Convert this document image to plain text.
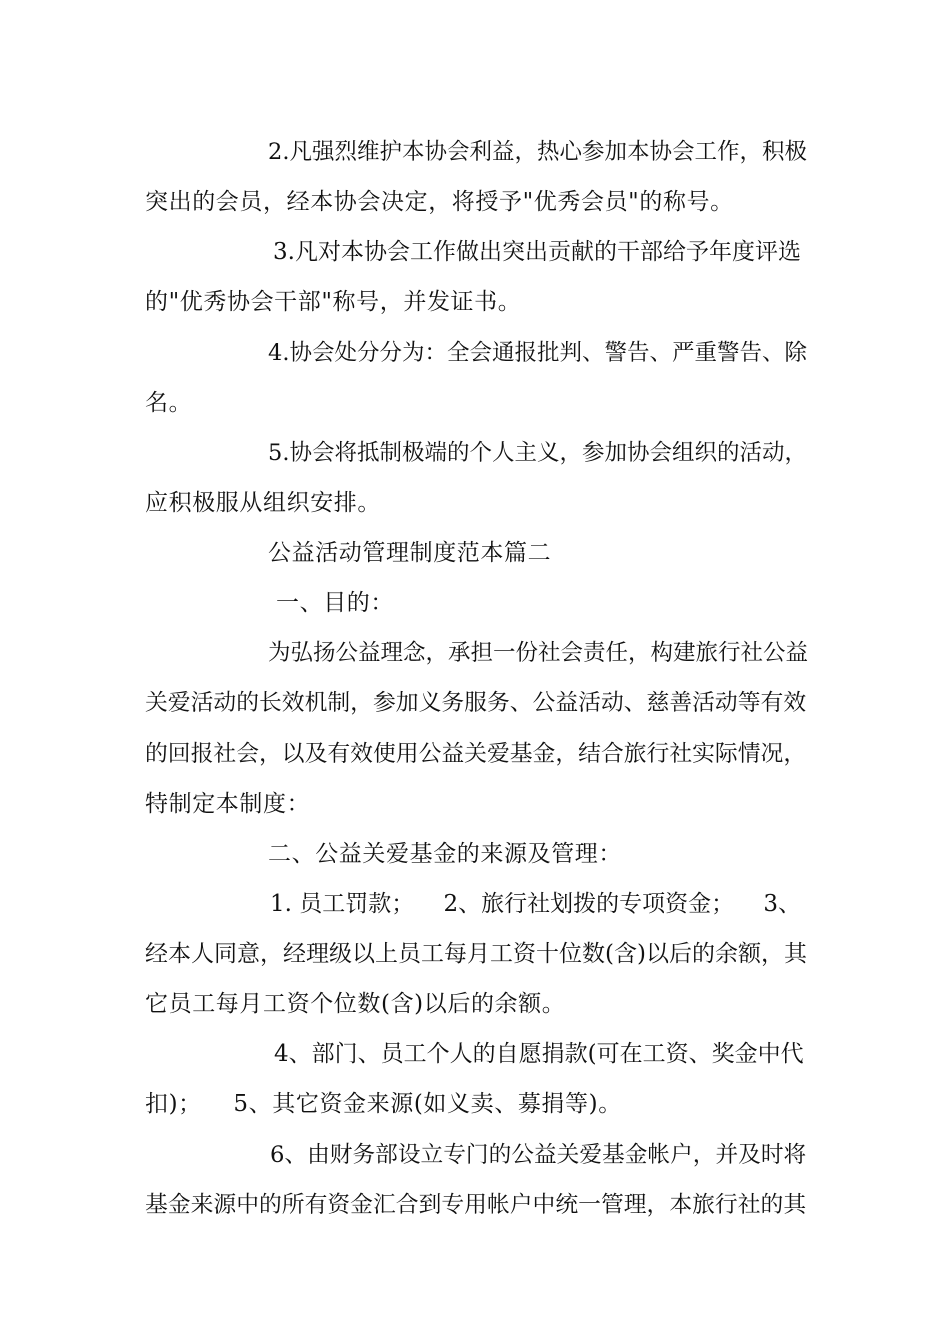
2.凡强烈维护本协会利益，热心参加本协会工作，积极
突出的会员，经本协会决定，将授予"优秀会员"的称号。
3.凡对本协会工作做出突出贡献的干部给予年度评选
的"优秀协会干部"称号，并发证书。
4.协会处分分为：全会通报批判、警告、严重警告、除
名。
5.协会将抵制极端的个人主义，参加协会组织的活动，
应积极服从组织安排。
公益活动管理制度范本篇二
一、目的：
为弘扬公益理念，承担一份社会责任，构建旅行社公益
关爱活动的长效机制，参加义务服务、公益活动、慈善活动等有效
的回报社会，以及有效使用公益关爱基金，结合旅行社实际情况，
特制定本制度：
二、公益关爱基金的来源及管理：
1. 员工罚款；    2、旅行社划拨的专项资金；    3、
经本人同意，经理级以上员工每月工资十位数(含)以后的余额，其
它员工每月工资个位数(含)以后的余额。
4、部门、员工个人的自愿捐款(可在工资、奖金中代
扣)；    5、其它资金来源(如义卖、募捐等)。
6、由财务部设立专门的公益关爱基金帐户，并及时将
基金来源中的所有资金汇合到专用帐户中统一管理，本旅行社的其
